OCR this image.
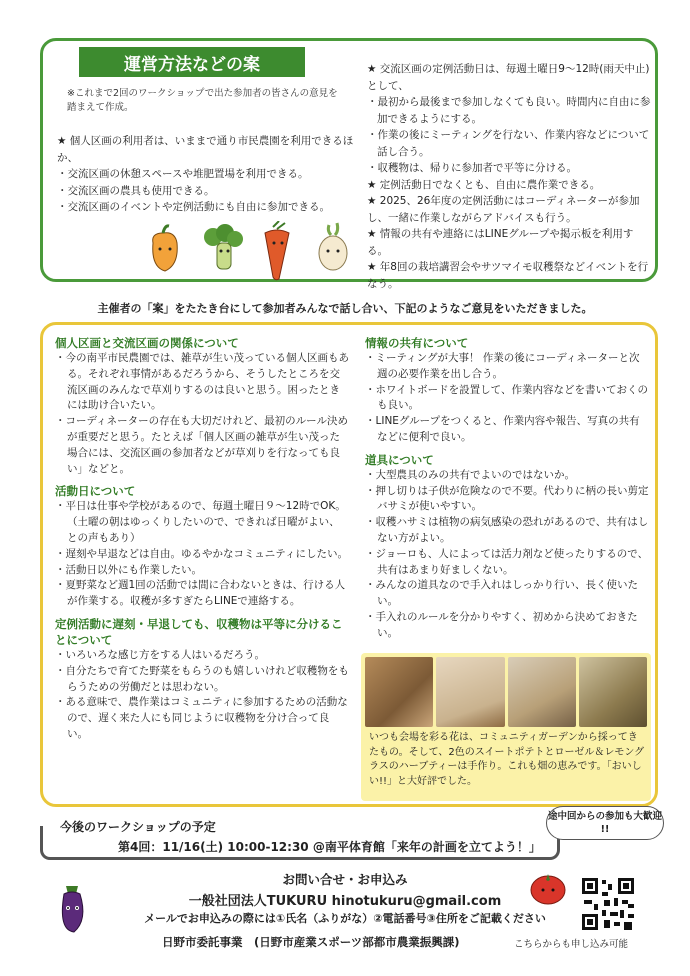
運営方法などの案
※これまで2回のワークショップで出た参加者の皆さんの意見を踏まえて作成。
★ 個人区画の利用者は、いままで通り市民農園を利用できるほか、
・ 交流区画の休憩スペースや堆肥置場を利用できる。
・ 交流区画の農具も使用できる。
・ 交流区画のイベントや定例活動にも自由に参加できる。
★ 交流区画の定例活動日は、毎週土曜日9～12時(雨天中止)として、
・ 最初から最後まで参加しなくても良い。時間内に自由に参加できるようにする。
・ 作業の後にミーティングを行ない、作業内容などについて話し合う。
・ 収穫物は、帰りに参加者で平等に分ける。
★ 定例活動日でなくとも、自由に農作業できる。
★ 2025、26年度の定例活動にはコーディネーターが参加し、一緒に作業しながらアドバイスも行う。
★ 情報の共有や連絡にはLINEグループや掲示板を利用する。
★ 年8回の栽培講習会やサツマイモ収穫祭などイベントを行なう。
主催者の「案」をたたき台にして参加者みんなで話し合い、下記のようなご意見をいただきました。
個人区画と交流区画の関係について
・ 今の南平市民農園では、雑草が生い茂っている個人区画もある。それぞれ事情があるだろうから、そうしたところを交流区画のみんなで草刈りするのは良いと思う。困ったときには助け合いたい。
・ コーディネーターの存在も大切だけれど、最初のルール決めが重要だと思う。たとえば「個人区画の雑草が生い茂った場合には、交流区画の参加者などが草刈りを行なっても良い」などと。
活動日について
・ 平日は仕事や学校があるので、毎週土曜日９～12時でOK。（土曜の朝はゆっくりしたいので、できれば日曜がよい、との声もあり）
・ 遅刻や早退などは自由。ゆるやかなコミュニティにしたい。
・ 活動日以外にも作業したい。
・ 夏野菜など週1回の活動では間に合わないときは、行ける人が作業する。収穫が多すぎたらLINEで連絡する。
定例活動に遅刻・早退しても、収穫物は平等に分けることについて
・ いろいろな感じ方をする人はいるだろう。
・ 自分たちで育てた野菜をもらうのも嬉しいけれど収穫物をもらうための労働だとは思わない。
・ ある意味で、農作業はコミュニティに参加するための活動なので、遅く来た人にも同じように収穫物を分け合って良い。
情報の共有について
・ ミーティングが大事！ 作業の後にコーディネーターと次週の必要作業を出し合う。
・ ホワイトボードを設置して、作業内容などを書いておくのも良い。
・ LINEグループをつくると、作業内容や報告、写真の共有などに便利で良い。
道具について
・ 大型農具のみの共有でよいのではないか。
・ 押し切りは子供が危険なので不要。代わりに柄の長い剪定バサミが使いやすい。
・ 収穫ハサミは植物の病気感染の恐れがあるので、共有はしない方がよい。
・ ジョーロも、人によっては活力剤など使ったりするので、共有はあまり好ましくない。
・ みんなの道具なので手入れはしっかり行い、長く使いたい。
・ 手入れのルールを分かりやすく、初めから決めておきたい。
いつも会場を彩る花は、コミュニティガーデンから採ってきたもの。そして、2色のスイートポテトとローゼル＆レモングラスのハーブティーは手作り。これも畑の恵みです。「おいしい!!」と大好評でした。
今後のワークショップの予定
第4回：11/16(土) 10:00-12:30 @南平体育館「来年の計画を立てよう！」
途中回からの参加も大歓迎 !!
お問い合せ・お申込み
一般社団法人TUKURU hinotukuru@gmail.com
メールでお申込みの際には①氏名（ふりがな）②電話番号③住所をご記載ください
日野市委託事業　(日野市産業スポーツ部都市農業振興課)	こちらからも申し込み可能
